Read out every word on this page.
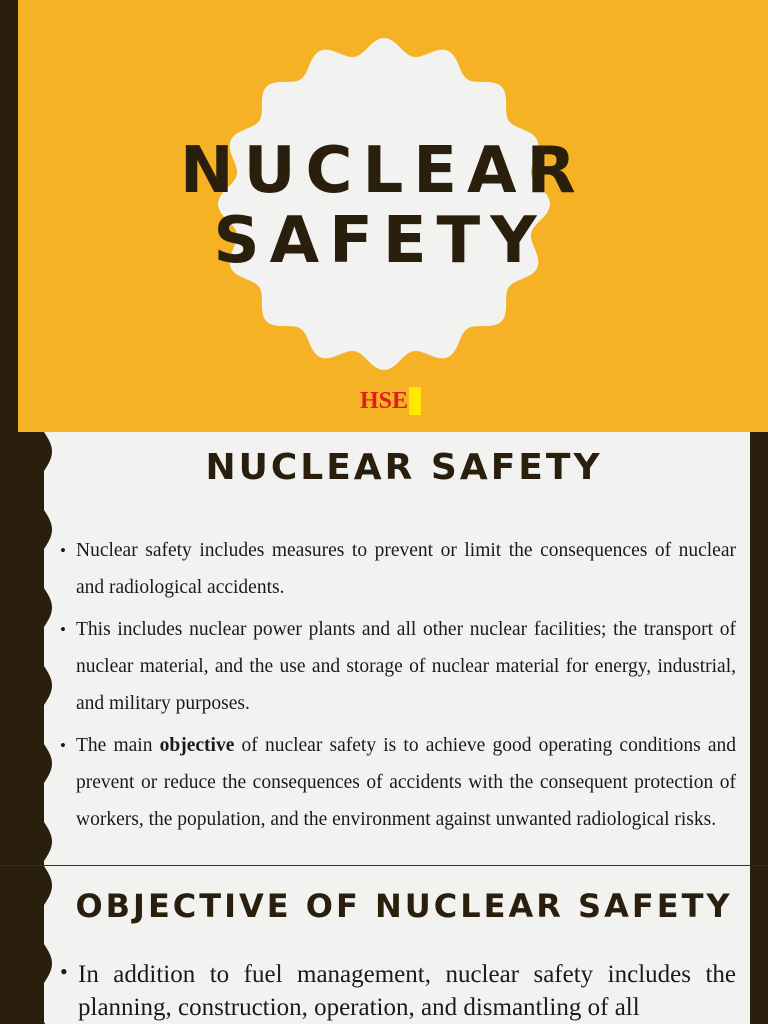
NUCLEAR
SAFETY
HSE
NUCLEAR SAFETY
• Nuclear safety includes measures to prevent or limit the consequences of nuclear and radiological accidents.
• This includes nuclear power plants and all other nuclear facilities; the transport of nuclear material, and the use and storage of nuclear material for energy, industrial, and military purposes.
• The main objective of nuclear safety is to achieve good operating conditions and prevent or reduce the consequences of accidents with the consequent protection of workers, the population, and the environment against unwanted radiological risks.
OBJECTIVE OF NUCLEAR SAFETY
• In addition to fuel management, nuclear safety includes the planning, construction, operation, and dismantling of all
